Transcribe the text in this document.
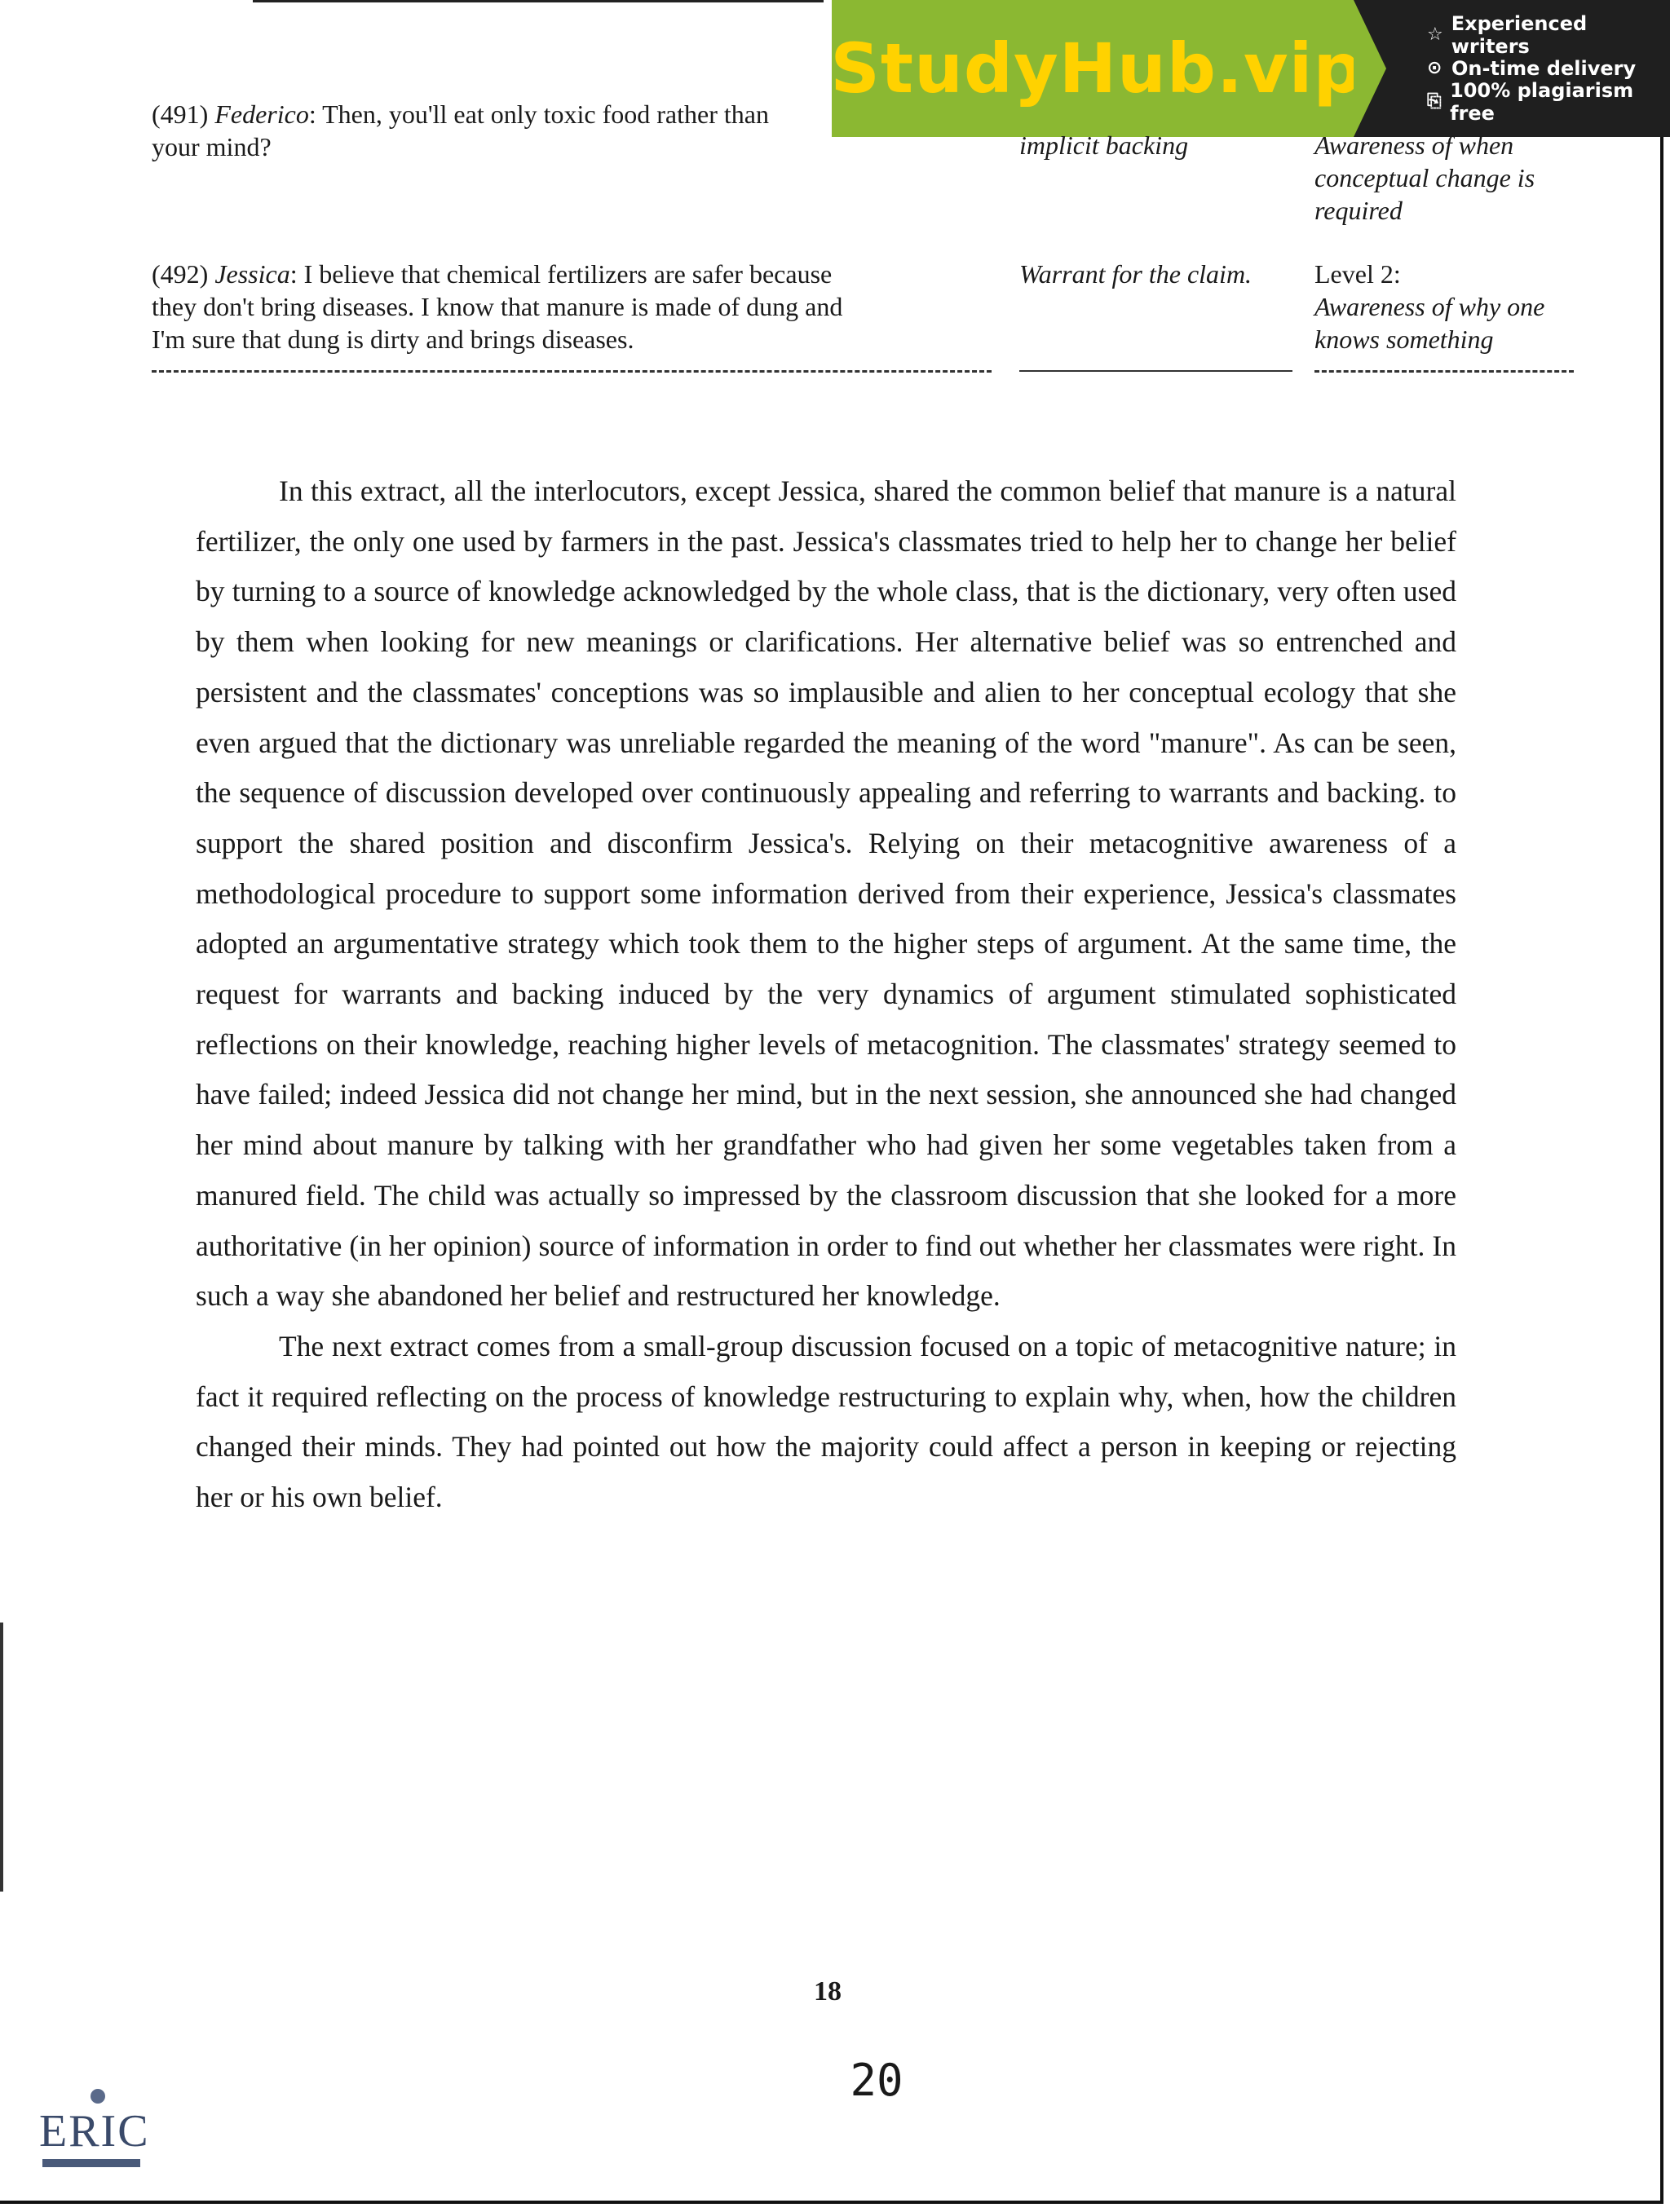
StudyHub.vip	☆ Experienced writers
⊙ On-time delivery
⎘ 100% plagiarism free
(491) Federico: Then, you'll eat only toxic food rather than
your mind?	implicit backing	Awareness of when
conceptual change is
required
(492) Jessica: I believe that chemical fertilizers are safer because
they don't bring diseases. I know that manure is made of dung and
I'm sure that dung is dirty and brings diseases.
Warrant for the claim.	Level 2:
Awareness of why one
knows something

In this extract, all the interlocutors, except Jessica, shared the common belief that manure is a natural fertilizer, the only one used by farmers in the past. Jessica's classmates tried to help her to change her belief by turning to a source of knowledge acknowledged by the whole class, that is the dictionary, very often used by them when looking for new meanings or clarifications. Her alternative belief was so entrenched and persistent and the classmates' conceptions was so implausible and alien to her conceptual ecology that she even argued that the dictionary was unreliable regarded the meaning of the word "manure". As can be seen, the sequence of discussion developed over continuously appealing and referring to warrants and backing. to support the shared position and disconfirm Jessica's. Relying on their metacognitive awareness of a methodological procedure to support some information derived from their experience, Jessica's classmates adopted an argumentative strategy which took them to the higher steps of argument. At the same time, the request for warrants and backing induced by the very dynamics of argument stimulated sophisticated reflections on their knowledge, reaching higher levels of metacognition. The classmates' strategy seemed to have failed; indeed Jessica did not change her mind, but in the next session, she announced she had changed her mind about manure by talking with her grandfather who had given her some vegetables taken from a manured field. The child was actually so impressed by the classroom discussion that she looked for a more authoritative (in her opinion) source of information in order to find out whether her classmates were right. In such a way she abandoned her belief and restructured her knowledge.

The next extract comes from a small-group discussion focused on a topic of metacognitive nature; in fact it required reflecting on the process of knowledge restructuring to explain why, when, how the children changed their minds. They had pointed out how the majority could affect a person in keeping or rejecting her or his own belief.

18
20
ERIC
